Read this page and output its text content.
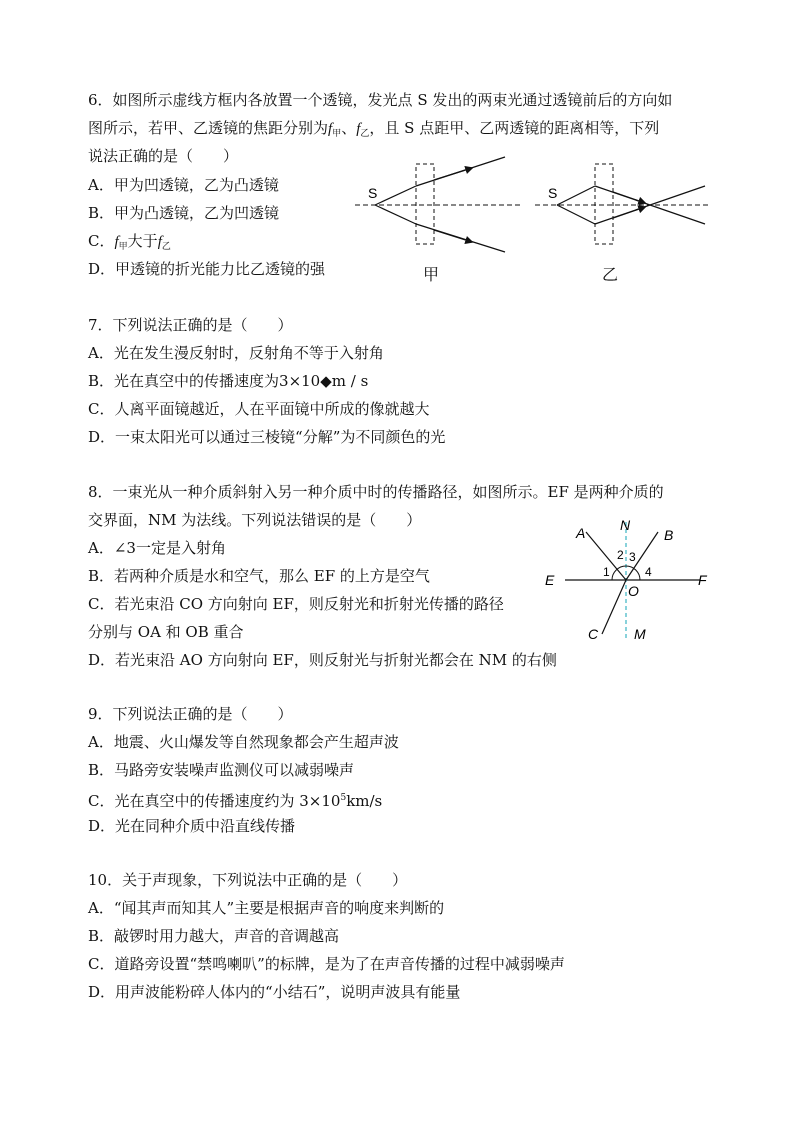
6．如图所示虚线方框内各放置一个透镜，发光点 S 发出的两束光通过透镜前后的方向如
图所示，若甲、乙透镜的焦距分别为$f_甲$、$f_乙$，且 S 点距甲、乙两透镜的距离相等，下列
说法正确的是（　　）
A．甲为凹透镜，乙为凸透镜
B．甲为凸透镜，乙为凹透镜
C．$f_甲$大于$f_乙$
D．甲透镜的折光能力比乙透镜的强
S
甲
S
乙
7．下列说法正确的是（　　）
A．光在发生漫反射时，反射角不等于入射角
B．光在真空中的传播速度为3×10◆m / s
C．人离平面镜越近，人在平面镜中所成的像就越大
D．一束太阳光可以通过三棱镜“分解”为不同颜色的光
8．一束光从一种介质斜射入另一种介质中时的传播路径，如图所示。EF 是两种介质的
交界面，NM 为法线。下列说法错误的是（　　）
A．∠3一定是入射角
B．若两种介质是水和空气，那么 EF 的上方是空气
C．若光束沿 CO 方向射向 EF，则反射光和折射光传播的路径
分别与 OA 和 OB 重合
D．若光束沿 AO 方向射向 EF，则反射光与折射光都会在 NM 的右侧
A N
B
E	F
O
C	M
1
2 3
4
9．下列说法正确的是（　　）
A．地震、火山爆发等自然现象都会产生超声波
B．马路旁安装噪声监测仪可以减弱噪声
C．光在真空中的传播速度约为 $3\times 10^5km/s$
D．光在同种介质中沿直线传播
10．关于声现象，下列说法中正确的是（　　）
A．“闻其声而知其人”主要是根据声音的响度来判断的
B．敲锣时用力越大，声音的音调越高
C．道路旁设置“禁鸣喇叭”的标牌，是为了在声音传播的过程中减弱噪声
D．用声波能粉碎人体内的“小结石”，说明声波具有能量
